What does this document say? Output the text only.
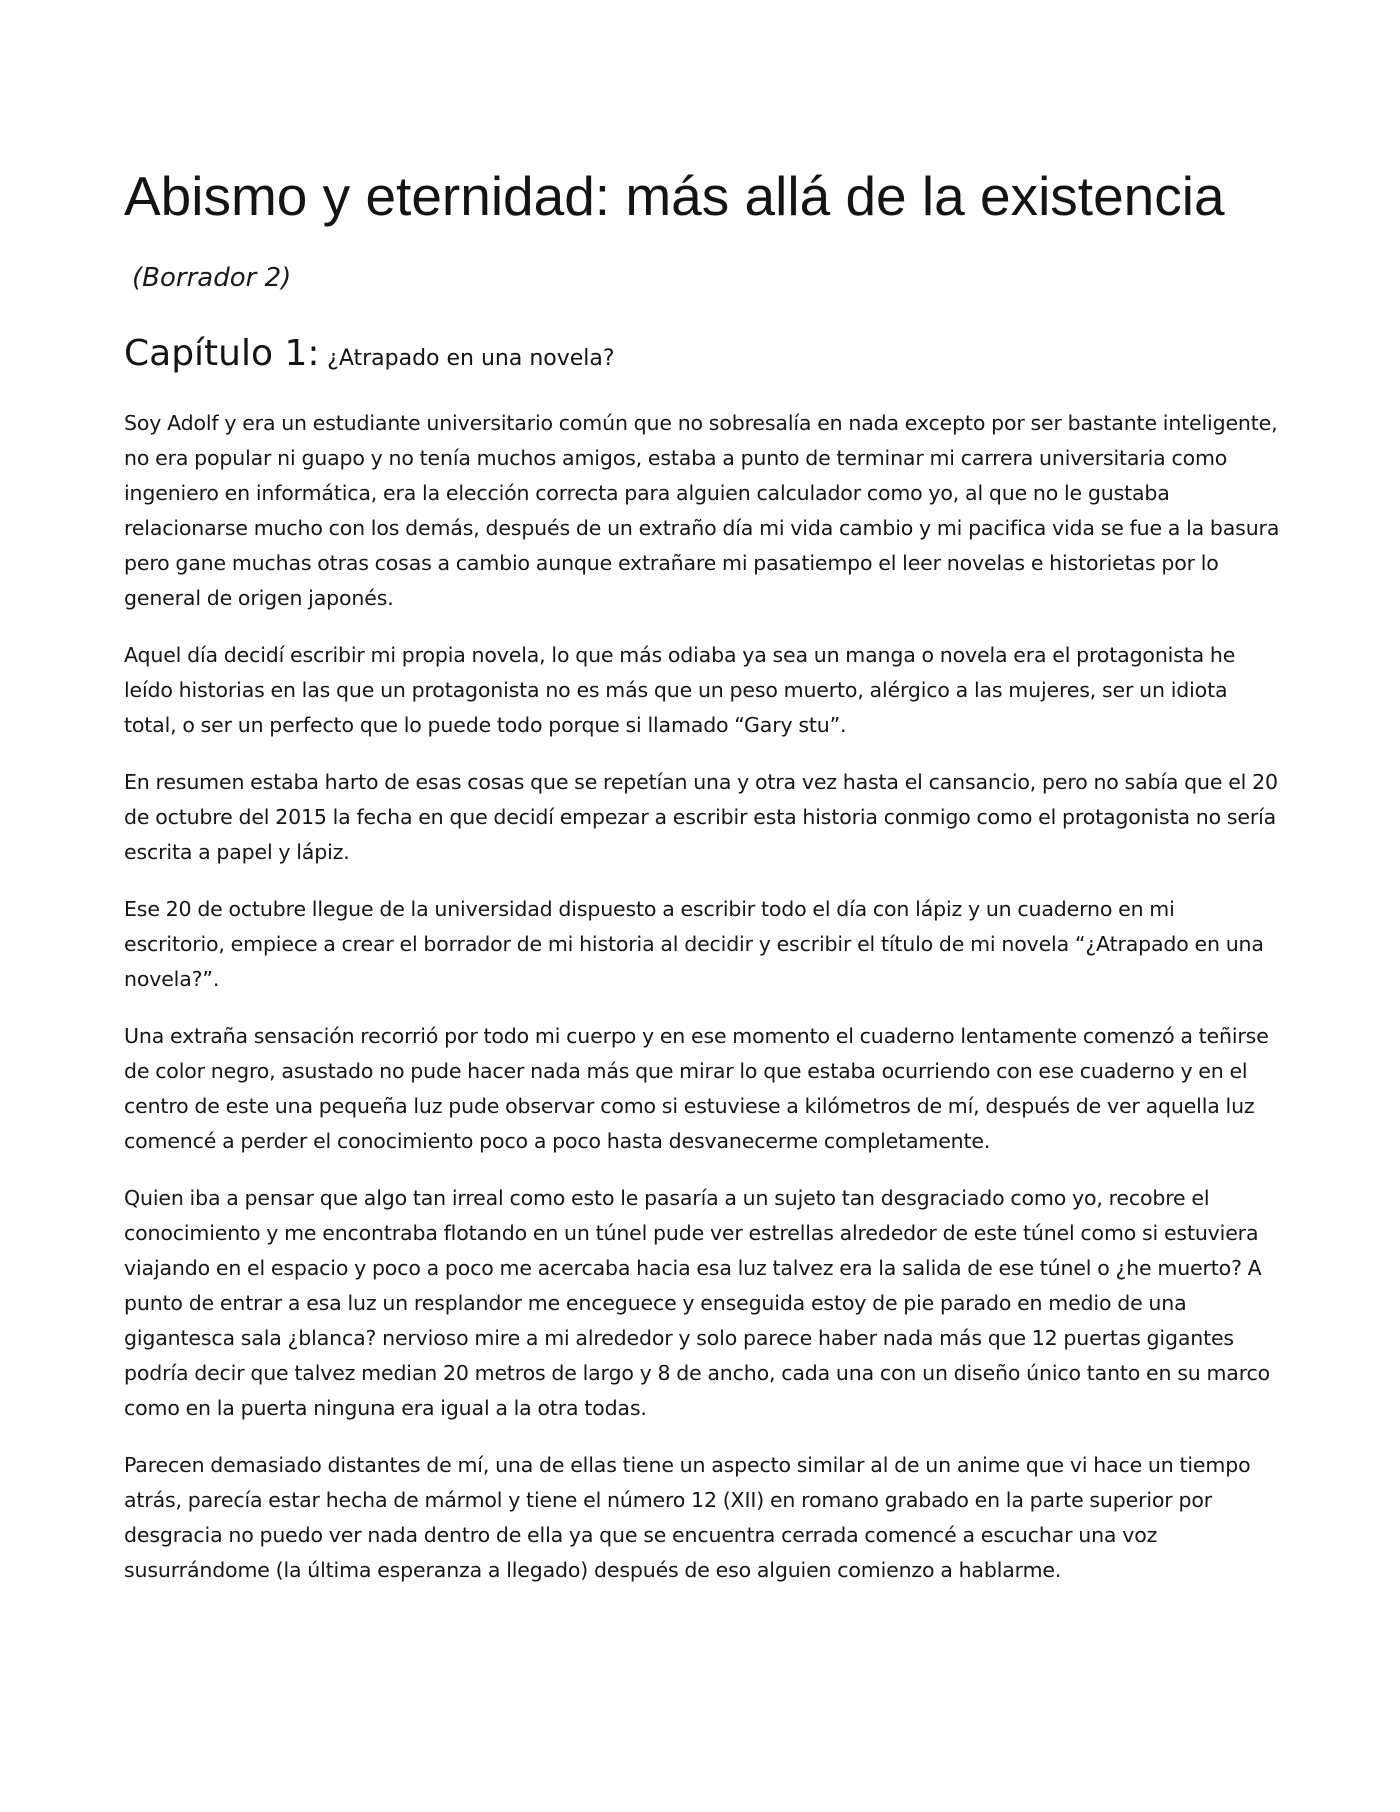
Abismo y eternidad: más allá de la existencia

(Borrador 2)

Capítulo 1: ¿Atrapado en una novela?

Soy Adolf y era un estudiante universitario común que no sobresalía en nada excepto por ser bastante inteligente, no era popular ni guapo y no tenía muchos amigos, estaba a punto de terminar mi carrera universitaria como ingeniero en informática, era la elección correcta para alguien calculador como yo, al que no le gustaba relacionarse mucho con los demás, después de un extraño día mi vida cambio y mi pacifica vida se fue a la basura pero gane muchas otras cosas a cambio aunque extrañare mi pasatiempo el leer novelas e historietas por lo general de origen japonés.

Aquel día decidí escribir mi propia novela, lo que más odiaba ya sea un manga o novela era el protagonista he leído historias en las que un protagonista no es más que un peso muerto, alérgico a las mujeres, ser un idiota total, o ser un perfecto que lo puede todo porque si llamado “Gary stu”.

En resumen estaba harto de esas cosas que se repetían una y otra vez hasta el cansancio, pero no sabía que el 20 de octubre del 2015 la fecha en que decidí empezar a escribir esta historia conmigo como el protagonista no sería escrita a papel y lápiz.

Ese 20 de octubre llegue de la universidad dispuesto a escribir todo el día con lápiz y un cuaderno en mi escritorio, empiece a crear el borrador de mi historia al decidir y escribir el título de mi novela “¿Atrapado en una novela?”.

Una extraña sensación recorrió por todo mi cuerpo y en ese momento el cuaderno lentamente comenzó a teñirse de color negro, asustado no pude hacer nada más que mirar lo que estaba ocurriendo con ese cuaderno y en el centro de este una pequeña luz pude observar como si estuviese a kilómetros de mí, después de ver aquella luz comencé a perder el conocimiento poco a poco hasta desvanecerme completamente.

Quien iba a pensar que algo tan irreal como esto le pasaría a un sujeto tan desgraciado como yo, recobre el conocimiento y me encontraba flotando en un túnel pude ver estrellas alrededor de este túnel como si estuviera viajando en el espacio y poco a poco me acercaba hacia esa luz talvez era la salida de ese túnel o ¿he muerto? A punto de entrar a esa luz un resplandor me enceguece y enseguida estoy de pie parado en medio de una gigantesca sala ¿blanca? nervioso mire a mi alrededor y solo parece haber nada más que 12 puertas gigantes podría decir que talvez median 20 metros de largo y 8 de ancho, cada una con un diseño único tanto en su marco como en la puerta ninguna era igual a la otra todas.

Parecen demasiado distantes de mí, una de ellas tiene un aspecto similar al de un anime que vi hace un tiempo atrás, parecía estar hecha de mármol y tiene el número 12 (XII) en romano grabado en la parte superior por desgracia no puedo ver nada dentro de ella ya que se encuentra cerrada comencé a escuchar una voz susurrándome (la última esperanza a llegado) después de eso alguien comienzo a hablarme.
